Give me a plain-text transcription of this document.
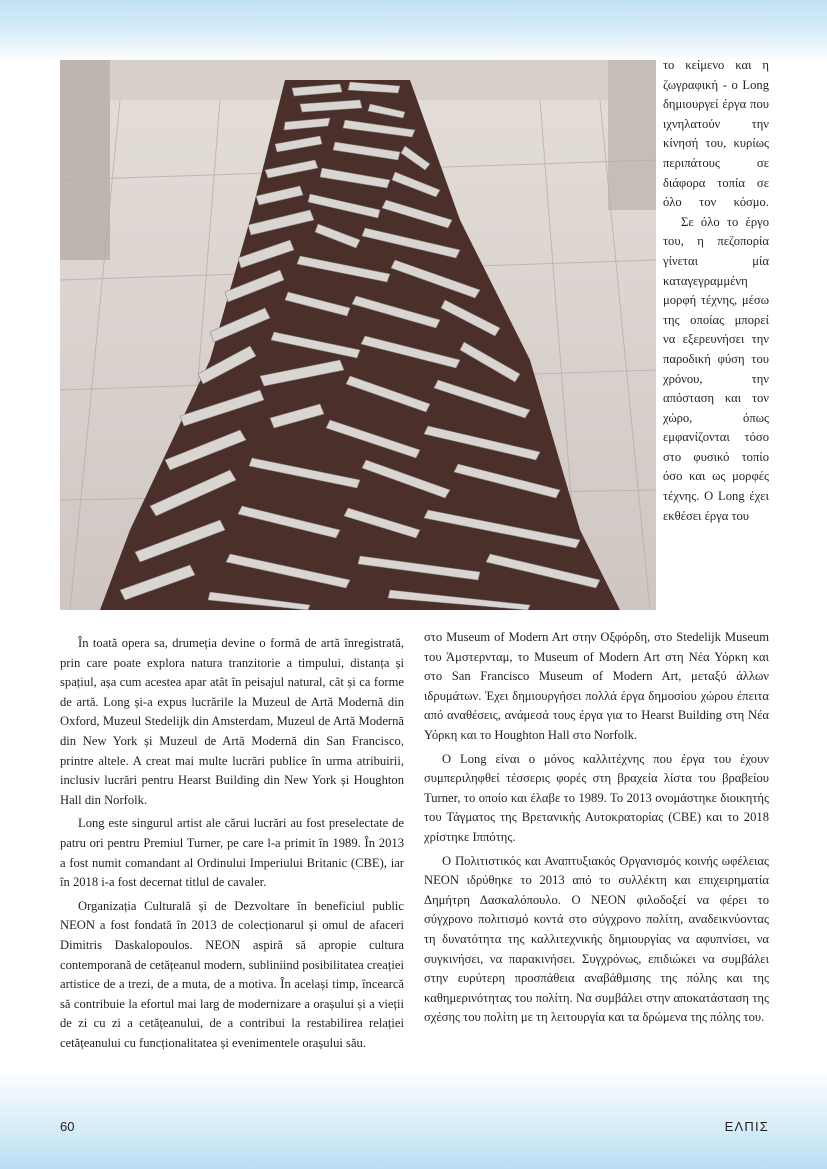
το κείμενο και η ζωγραφική - ο Long δημιουργεί έργα που ιχνηλατούν την κίνησή του, κυρίως περιπάτους σε διάφορα τοπία σε όλο τον κόσμο.

Σε όλο το έργο του, η πεζοπορία γίνεται μία καταγεγραμμένη μορφή τέχνης, μέσω της οποίας μπορεί να εξερευνήσει την παροδική φύση του χρόνου, την απόσταση και τον χώρο, όπως εμφανίζονται τόσο στο φυσικό τοπίο όσο και ως μορφές τέχνης. Ο Long έχει εκθέσει έργα του

În toată opera sa, drumeția devine o formă de artă înregistrată, prin care poate explora natura tranzitorie a timpului, distanța și spațiul, așa cum acestea apar atât în peisajul natural, cât și ca forme de artă. Long și-a expus lucrările la Muzeul de Artă Modernă din Oxford, Muzeul Stedelijk din Amsterdam, Muzeul de Artă Modernă din New York și Muzeul de Artă Modernă din San Francisco, printre altele. A creat mai multe lucrări publice în urma atribuirii, inclusiv lucrări pentru Hearst Building din New York și Houghton Hall din Norfolk.

Long este singurul artist ale cărui lucrări au fost preselectate de patru ori pentru Premiul Turner, pe care l-a primit în 1989. În 2013 a fost numit comandant al Ordinului Imperiului Britanic (CBE), iar în 2018 i-a fost decernat titlul de cavaler.

Organizația Culturală și de Dezvoltare în beneficiul public NEON a fost fondată în 2013 de colecționarul și omul de afaceri Dimitris Daskalopoulos. NEON aspiră să apropie cultura contemporană de cetățeanul modern, subliniind posibilitatea creației artistice de a trezi, de a muta, de a motiva. În același timp, încearcă să contribuie la efortul mai larg de modernizare a orașului și a vieții de zi cu zi a cetățeanului, de a contribui la restabilirea relației cetățeanului cu funcționalitatea și evenimentele orașului său.

στο Museum of Modern Art στην Οξφόρδη, στο Stedelijk Museum του Άμστερνταμ, το Museum of Modern Art στη Νέα Υόρκη και στο San Francisco Museum of Modern Art, μεταξύ άλλων ιδρυμάτων. Έχει δημιουργήσει πολλά έργα δημοσίου χώρου έπειτα από αναθέσεις, ανάμεσά τους έργα για το Hearst Building στη Νέα Υόρκη και το Houghton Hall στο Norfolk.

Ο Long είναι ο μόνος καλλιτέχνης που έργα του έχουν συμπεριληφθεί τέσσερις φορές στη βραχεία λίστα του βραβείου Turner, το οποίο και έλαβε το 1989. Το 2013 ονομάστηκε διοικητής του Τάγματος της Βρετανικής Αυτοκρατορίας (CBE) και το 2018 χρίστηκε Ιππότης.

Ο Πολιτιστικός και Αναπτυξιακός Οργανισμός κοινής ωφέλειας NEON ιδρύθηκε το 2013 από το συλλέκτη και επιχειρηματία Δημήτρη Δασκαλόπουλο. Ο NEON φιλοδοξεί να φέρει το σύγχρονο πολιτισμό κοντά στο σύγχρονο πολίτη, αναδεικνύοντας τη δυνατότητα της καλλιτεχνικής δημιουργίας να αφυπνίσει, να συγκινήσει, να παρακινήσει. Συγχρόνως, επιδιώκει να συμβάλει στην ευρύτερη προσπάθεια αναβάθμισης της πόλης και της καθημερινότητας του πολίτη. Να συμβάλει στην αποκατάσταση της σχέσης του πολίτη με τη λειτουργία και τα δρώμενα της πόλης του.

60	ΕΛΠΙΣ
